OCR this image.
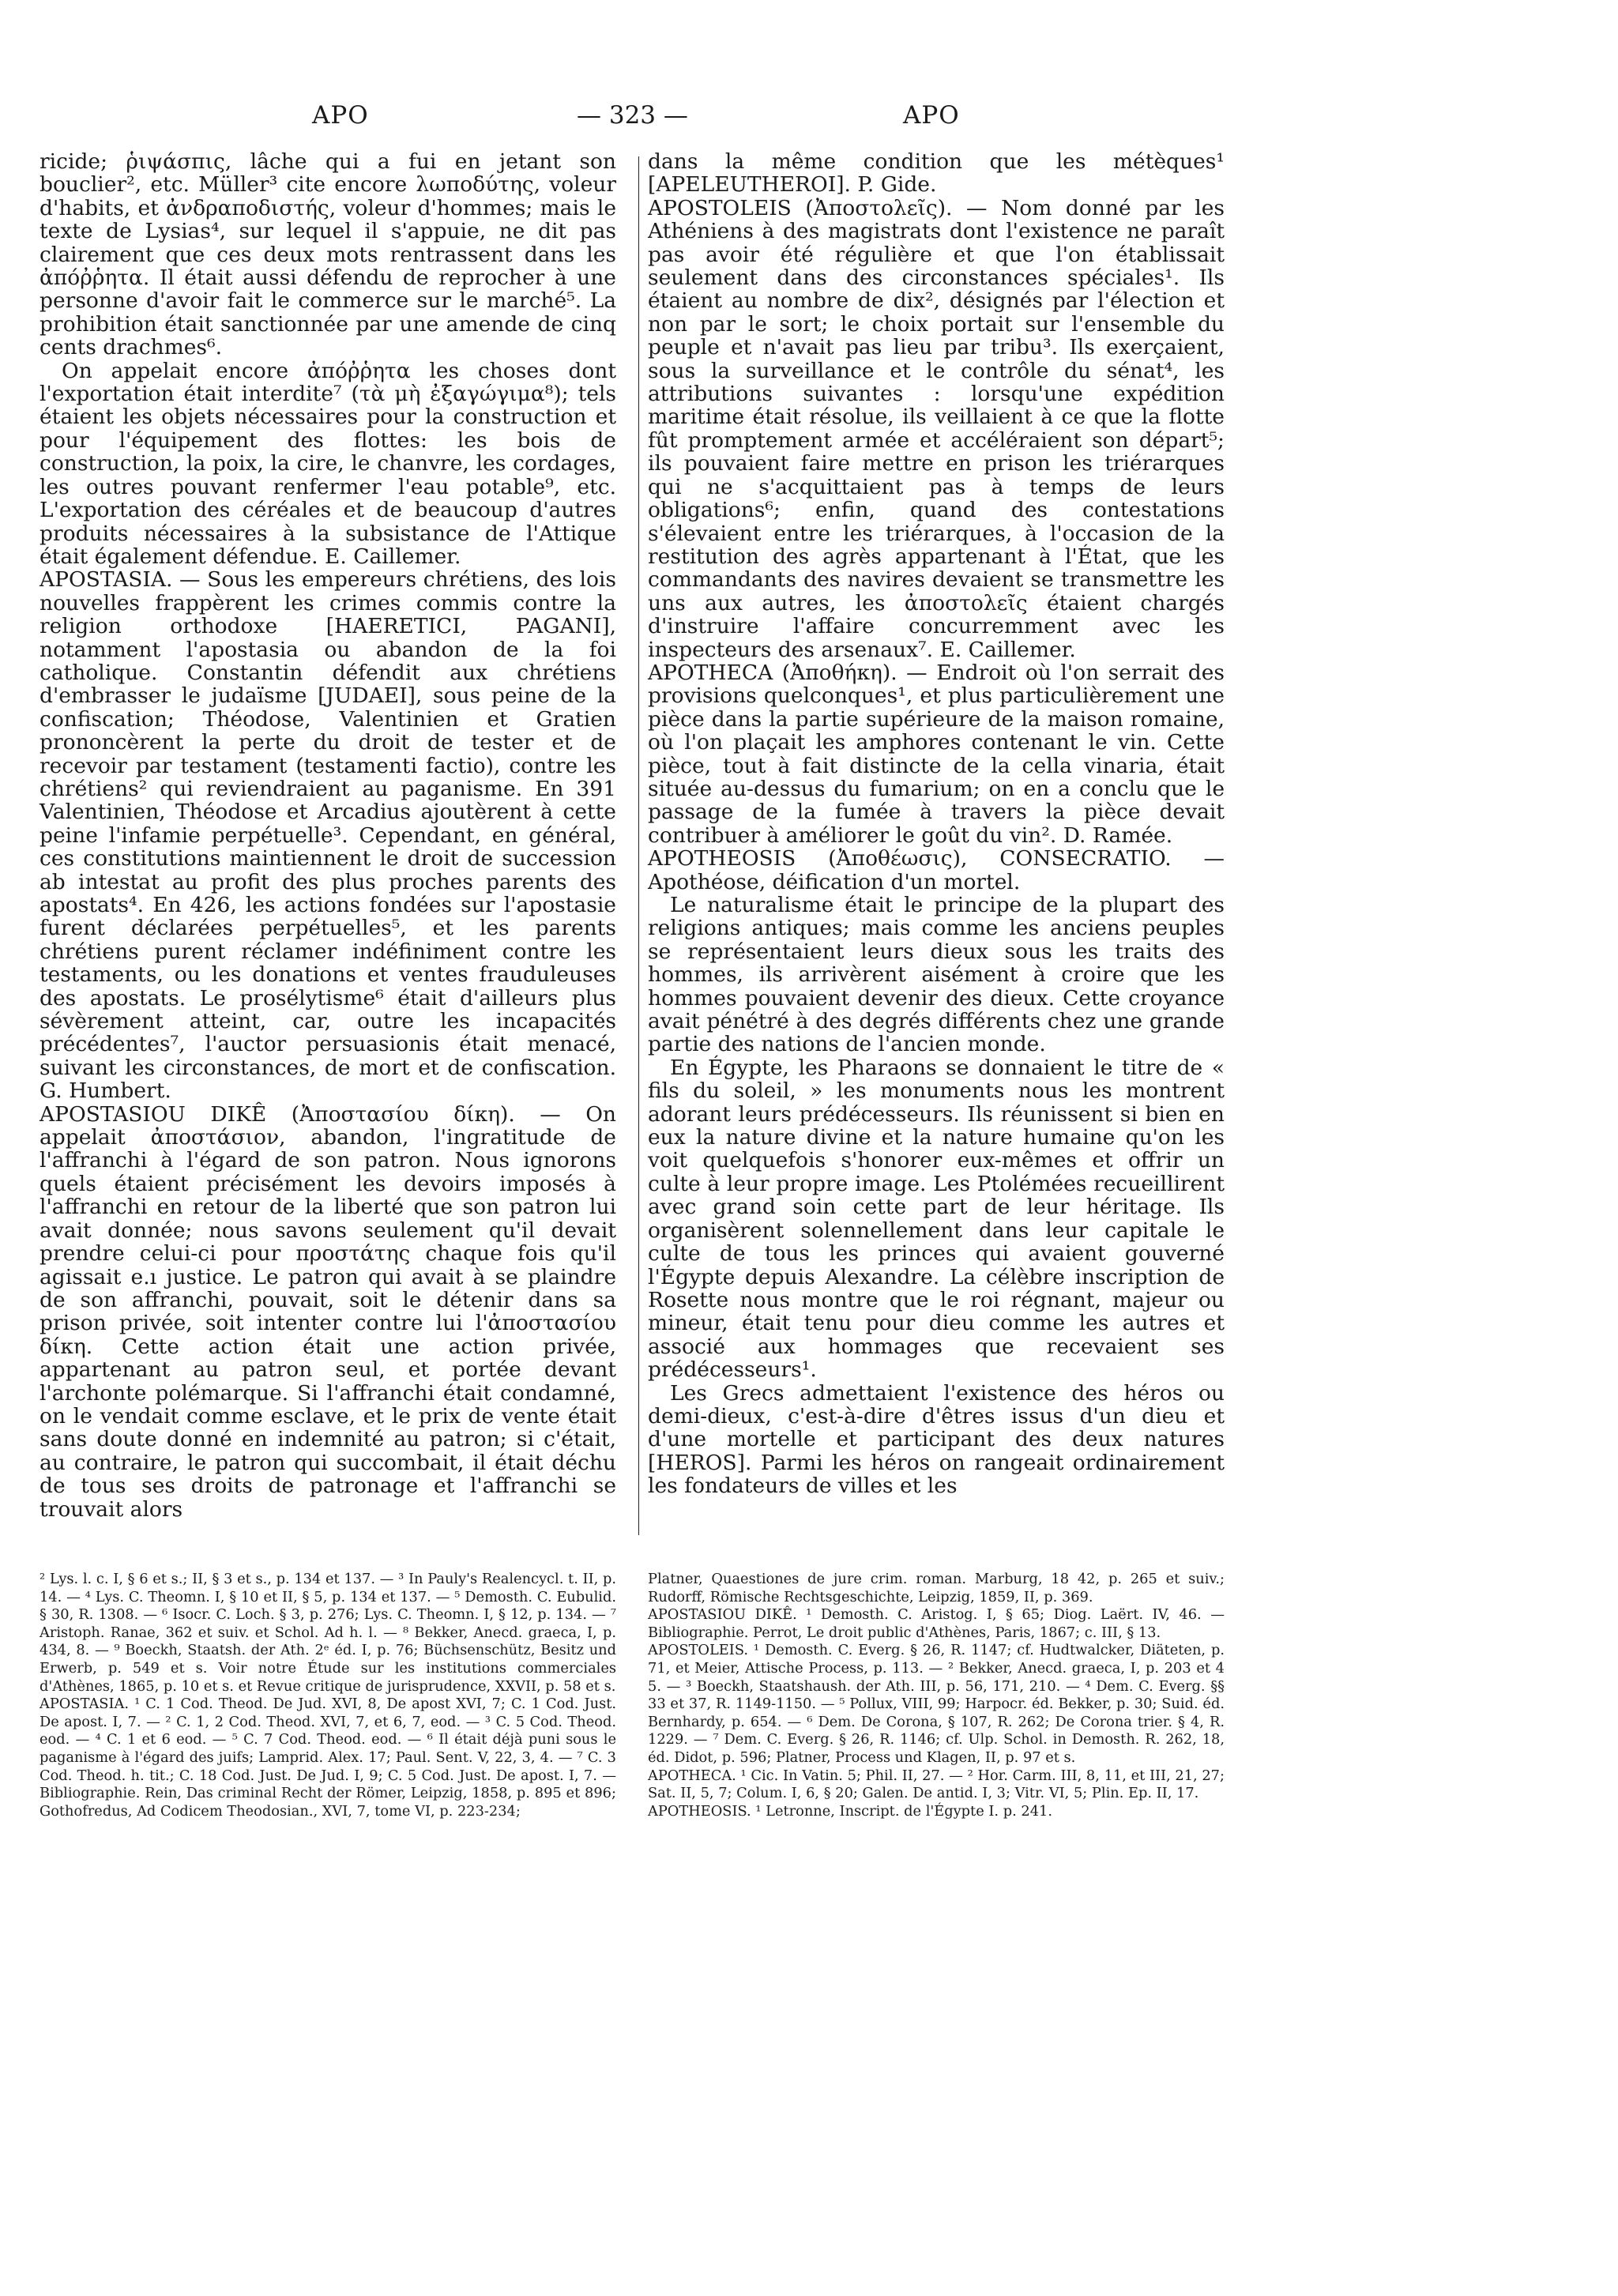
APO	— 323 —	APO

ricide; ῥιψάσπις, lâche qui a fui en jetant son bouclier², etc. Müller³ cite encore λωποδύτης, voleur d'habits, et ἀνδραποδιστής, voleur d'hommes; mais le texte de Lysias⁴, sur lequel il s'appuie, ne dit pas clairement que ces deux mots rentrassent dans les ἀπόῤῥητα. Il était aussi défendu de reprocher à une personne d'avoir fait le commerce sur le marché⁵. La prohibition était sanctionnée par une amende de cinq cents drachmes⁶.

On appelait encore ἀπόῤῥητα les choses dont l'exportation était interdite⁷ (τὰ μὴ ἐξαγώγιμα⁸); tels étaient les objets nécessaires pour la construction et pour l'équipement des flottes: les bois de construction, la poix, la cire, le chanvre, les cordages, les outres pouvant renfermer l'eau potable⁹, etc. L'exportation des céréales et de beaucoup d'autres produits nécessaires à la subsistance de l'Attique était également défendue. E. Caillemer.

APOSTASIA. — Sous les empereurs chrétiens, des lois nouvelles frappèrent les crimes commis contre la religion orthodoxe [HAERETICI, PAGANI], notamment l'apostasia ou abandon de la foi catholique. Constantin défendit aux chrétiens d'embrasser le judaïsme [JUDAEI], sous peine de la confiscation; Théodose, Valentinien et Gratien prononcèrent la perte du droit de tester et de recevoir par testament (testamenti factio), contre les chrétiens² qui reviendraient au paganisme. En 391 Valentinien, Théodose et Arcadius ajoutèrent à cette peine l'infamie perpétuelle³. Cependant, en général, ces constitutions maintiennent le droit de succession ab intestat au profit des plus proches parents des apostats⁴. En 426, les actions fondées sur l'apostasie furent déclarées perpétuelles⁵, et les parents chrétiens purent réclamer indéfiniment contre les testaments, ou les donations et ventes frauduleuses des apostats. Le prosélytisme⁶ était d'ailleurs plus sévèrement atteint, car, outre les incapacités précédentes⁷, l'auctor persuasionis était menacé, suivant les circonstances, de mort et de confiscation. G. Humbert.

APOSTASIOU DIKÊ (Ἀποστασίου δίκη). — On appelait ἀποστάσιον, abandon, l'ingratitude de l'affranchi à l'égard de son patron. Nous ignorons quels étaient précisément les devoirs imposés à l'affranchi en retour de la liberté que son patron lui avait donnée; nous savons seulement qu'il devait prendre celui-ci pour προστάτης chaque fois qu'il agissait e.ı justice. Le patron qui avait à se plaindre de son affranchi, pouvait, soit le détenir dans sa prison privée, soit intenter contre lui l'ἀποστασίου δίκη. Cette action était une action privée, appartenant au patron seul, et portée devant l'archonte polémarque. Si l'affranchi était condamné, on le vendait comme esclave, et le prix de vente était sans doute donné en indemnité au patron; si c'était, au contraire, le patron qui succombait, il était déchu de tous ses droits de patronage et l'affranchi se trouvait alors

dans la même condition que les métèques¹ [APELEUTHEROI]. P. Gide.

APOSTOLEIS (Ἀποστολεῖς). — Nom donné par les Athéniens à des magistrats dont l'existence ne paraît pas avoir été régulière et que l'on établissait seulement dans des circonstances spéciales¹. Ils étaient au nombre de dix², désignés par l'élection et non par le sort; le choix portait sur l'ensemble du peuple et n'avait pas lieu par tribu³. Ils exerçaient, sous la surveillance et le contrôle du sénat⁴, les attributions suivantes : lorsqu'une expédition maritime était résolue, ils veillaient à ce que la flotte fût promptement armée et accéléraient son départ⁵; ils pouvaient faire mettre en prison les triérarques qui ne s'acquittaient pas à temps de leurs obligations⁶; enfin, quand des contestations s'élevaient entre les triérarques, à l'occasion de la restitution des agrès appartenant à l'État, que les commandants des navires devaient se transmettre les uns aux autres, les ἀποστολεῖς étaient chargés d'instruire l'affaire concurremment avec les inspecteurs des arsenaux⁷. E. Caillemer.

APOTHECA (Ἀποθήκη). — Endroit où l'on serrait des provisions quelconques¹, et plus particulièrement une pièce dans la partie supérieure de la maison romaine, où l'on plaçait les amphores contenant le vin. Cette pièce, tout à fait distincte de la cella vinaria, était située au-dessus du fumarium; on en a conclu que le passage de la fumée à travers la pièce devait contribuer à améliorer le goût du vin². D. Ramée.

APOTHEOSIS (Ἀποθέωσις), CONSECRATIO. — Apothéose, déification d'un mortel.

Le naturalisme était le principe de la plupart des religions antiques; mais comme les anciens peuples se représentaient leurs dieux sous les traits des hommes, ils arrivèrent aisément à croire que les hommes pouvaient devenir des dieux. Cette croyance avait pénétré à des degrés différents chez une grande partie des nations de l'ancien monde.

En Égypte, les Pharaons se donnaient le titre de « fils du soleil, » les monuments nous les montrent adorant leurs prédécesseurs. Ils réunissent si bien en eux la nature divine et la nature humaine qu'on les voit quelquefois s'honorer eux-mêmes et offrir un culte à leur propre image. Les Ptolémées recueillirent avec grand soin cette part de leur héritage. Ils organisèrent solennellement dans leur capitale le culte de tous les princes qui avaient gouverné l'Égypte depuis Alexandre. La célèbre inscription de Rosette nous montre que le roi régnant, majeur ou mineur, était tenu pour dieu comme les autres et associé aux hommages que recevaient ses prédécesseurs¹.

Les Grecs admettaient l'existence des héros ou demi-dieux, c'est-à-dire d'êtres issus d'un dieu et d'une mortelle et participant des deux natures [HEROS]. Parmi les héros on rangeait ordinairement les fondateurs de villes et les

² Lys. l. c. I, § 6 et s.; II, § 3 et s., p. 134 et 137. — ³ In Pauly's Realencycl. t. II, p. 14. — ⁴ Lys. C. Theomn. I, § 10 et II, § 5, p. 134 et 137. — ⁵ Demosth. C. Eubulid. § 30, R. 1308. — ⁶ Isocr. C. Loch. § 3, p. 276; Lys. C. Theomn. I, § 12, p. 134. — ⁷ Aristoph. Ranae, 362 et suiv. et Schol. Ad h. l. — ⁸ Bekker, Anecd. graeca, I, p. 434, 8. — ⁹ Boeckh, Staatsh. der Ath. 2ᵉ éd. I, p. 76; Büchsenschütz, Besitz und Erwerb, p. 549 et s. Voir notre Étude sur les institutions commerciales d'Athènes, 1865, p. 10 et s. et Revue critique de jurisprudence, XXVII, p. 58 et s.

APOSTASIA. ¹ C. 1 Cod. Theod. De Jud. XVI, 8, De apost XVI, 7; C. 1 Cod. Just. De apost. I, 7. — ² C. 1, 2 Cod. Theod. XVI, 7, et 6, 7, eod. — ³ C. 5 Cod. Theod. eod. — ⁴ C. 1 et 6 eod. — ⁵ C. 7 Cod. Theod. eod. — ⁶ Il était déjà puni sous le paganisme à l'égard des juifs; Lamprid. Alex. 17; Paul. Sent. V, 22, 3, 4. — ⁷ C. 3 Cod. Theod. h. tit.; C. 18 Cod. Just. De Jud. I, 9; C. 5 Cod. Just. De apost. I, 7. — Bibliographie. Rein, Das criminal Recht der Römer, Leipzig, 1858, p. 895 et 896; Gothofredus, Ad Codicem Theodosian., XVI, 7, tome VI, p. 223-234;

Platner, Quaestiones de jure crim. roman. Marburg, 18 42, p. 265 et suiv.; Rudorff, Römische Rechtsgeschichte, Leipzig, 1859, II, p. 369.

APOSTASIOU DIKÊ. ¹ Demosth. C. Aristog. I, § 65; Diog. Laërt. IV, 46. — Bibliographie. Perrot, Le droit public d'Athènes, Paris, 1867; c. III, § 13.

APOSTOLEIS. ¹ Demosth. C. Everg. § 26, R. 1147; cf. Hudtwalcker, Diäteten, p. 71, et Meier, Attische Process, p. 113. — ² Bekker, Anecd. graeca, I, p. 203 et 4 5. — ³ Boeckh, Staatshaush. der Ath. III, p. 56, 171, 210. — ⁴ Dem. C. Everg. §§ 33 et 37, R. 1149-1150. — ⁵ Pollux, VIII, 99; Harpocr. éd. Bekker, p. 30; Suid. éd. Bernhardy, p. 654. — ⁶ Dem. De Corona, § 107, R. 262; De Corona trier. § 4, R. 1229. — ⁷ Dem. C. Everg. § 26, R. 1146; cf. Ulp. Schol. in Demosth. R. 262, 18, éd. Didot, p. 596; Platner, Process und Klagen, II, p. 97 et s.

APOTHECA. ¹ Cic. In Vatin. 5; Phil. II, 27. — ² Hor. Carm. III, 8, 11, et III, 21, 27; Sat. II, 5, 7; Colum. I, 6, § 20; Galen. De antid. I, 3; Vitr. VI, 5; Plin. Ep. II, 17.

APOTHEOSIS. ¹ Letronne, Inscript. de l'Égypte I. p. 241.
